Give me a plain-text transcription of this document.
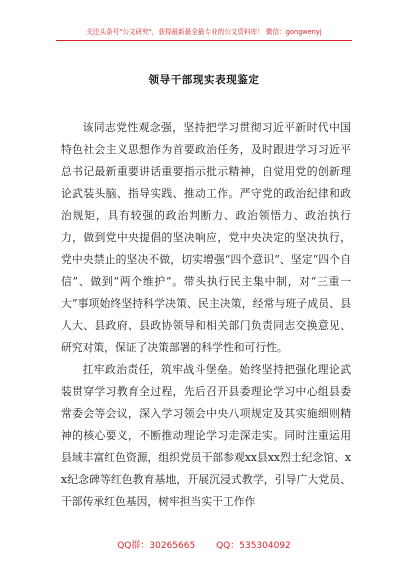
关注头条号"公文研究"，获得最新最全最专业的公文资料库！ 微信：gongwenyj
领导干部现实表现鉴定

该同志党性观念强，坚持把学习贯彻习近平新时代中国特色社会主义思想作为首要政治任务，及时跟进学习习近平总书记最新重要讲话重要指示批示精神，自觉用党的创新理论武装头脑、指导实践、推动工作。严守党的政治纪律和政治规矩，具有较强的政治判断力、政治领悟力、政治执行力，做到党中央提倡的坚决响应，党中央决定的坚决执行，党中央禁止的坚决不做，切实增强“四个意识”、坚定“四个自信”、做到“两个维护”。带头执行民主集中制，对“三重一大”事项始终坚持科学决策、民主决策，经常与班子成员、县人大、县政府、县政协领导和相关部门负责同志交换意见、研究对策，保证了决策部署的科学性和可行性。

扛牢政治责任，筑牢战斗堡垒。始终坚持把强化理论武装贯穿学习教育全过程，先后召开县委理论学习中心组县委常委会等会议，深入学习领会中央八项规定及其实施细则精神的核心要义，不断推动理论学习走深走实。同时注重运用县域丰富红色资源，组织党员干部参观xx县xx烈士纪念馆、xx纪念碑等红色教育基地，开展沉浸式教学，引导广大党员、干部传承红色基因，树牢担当实干工作作

QQ群：30265665 QQ：535304092
